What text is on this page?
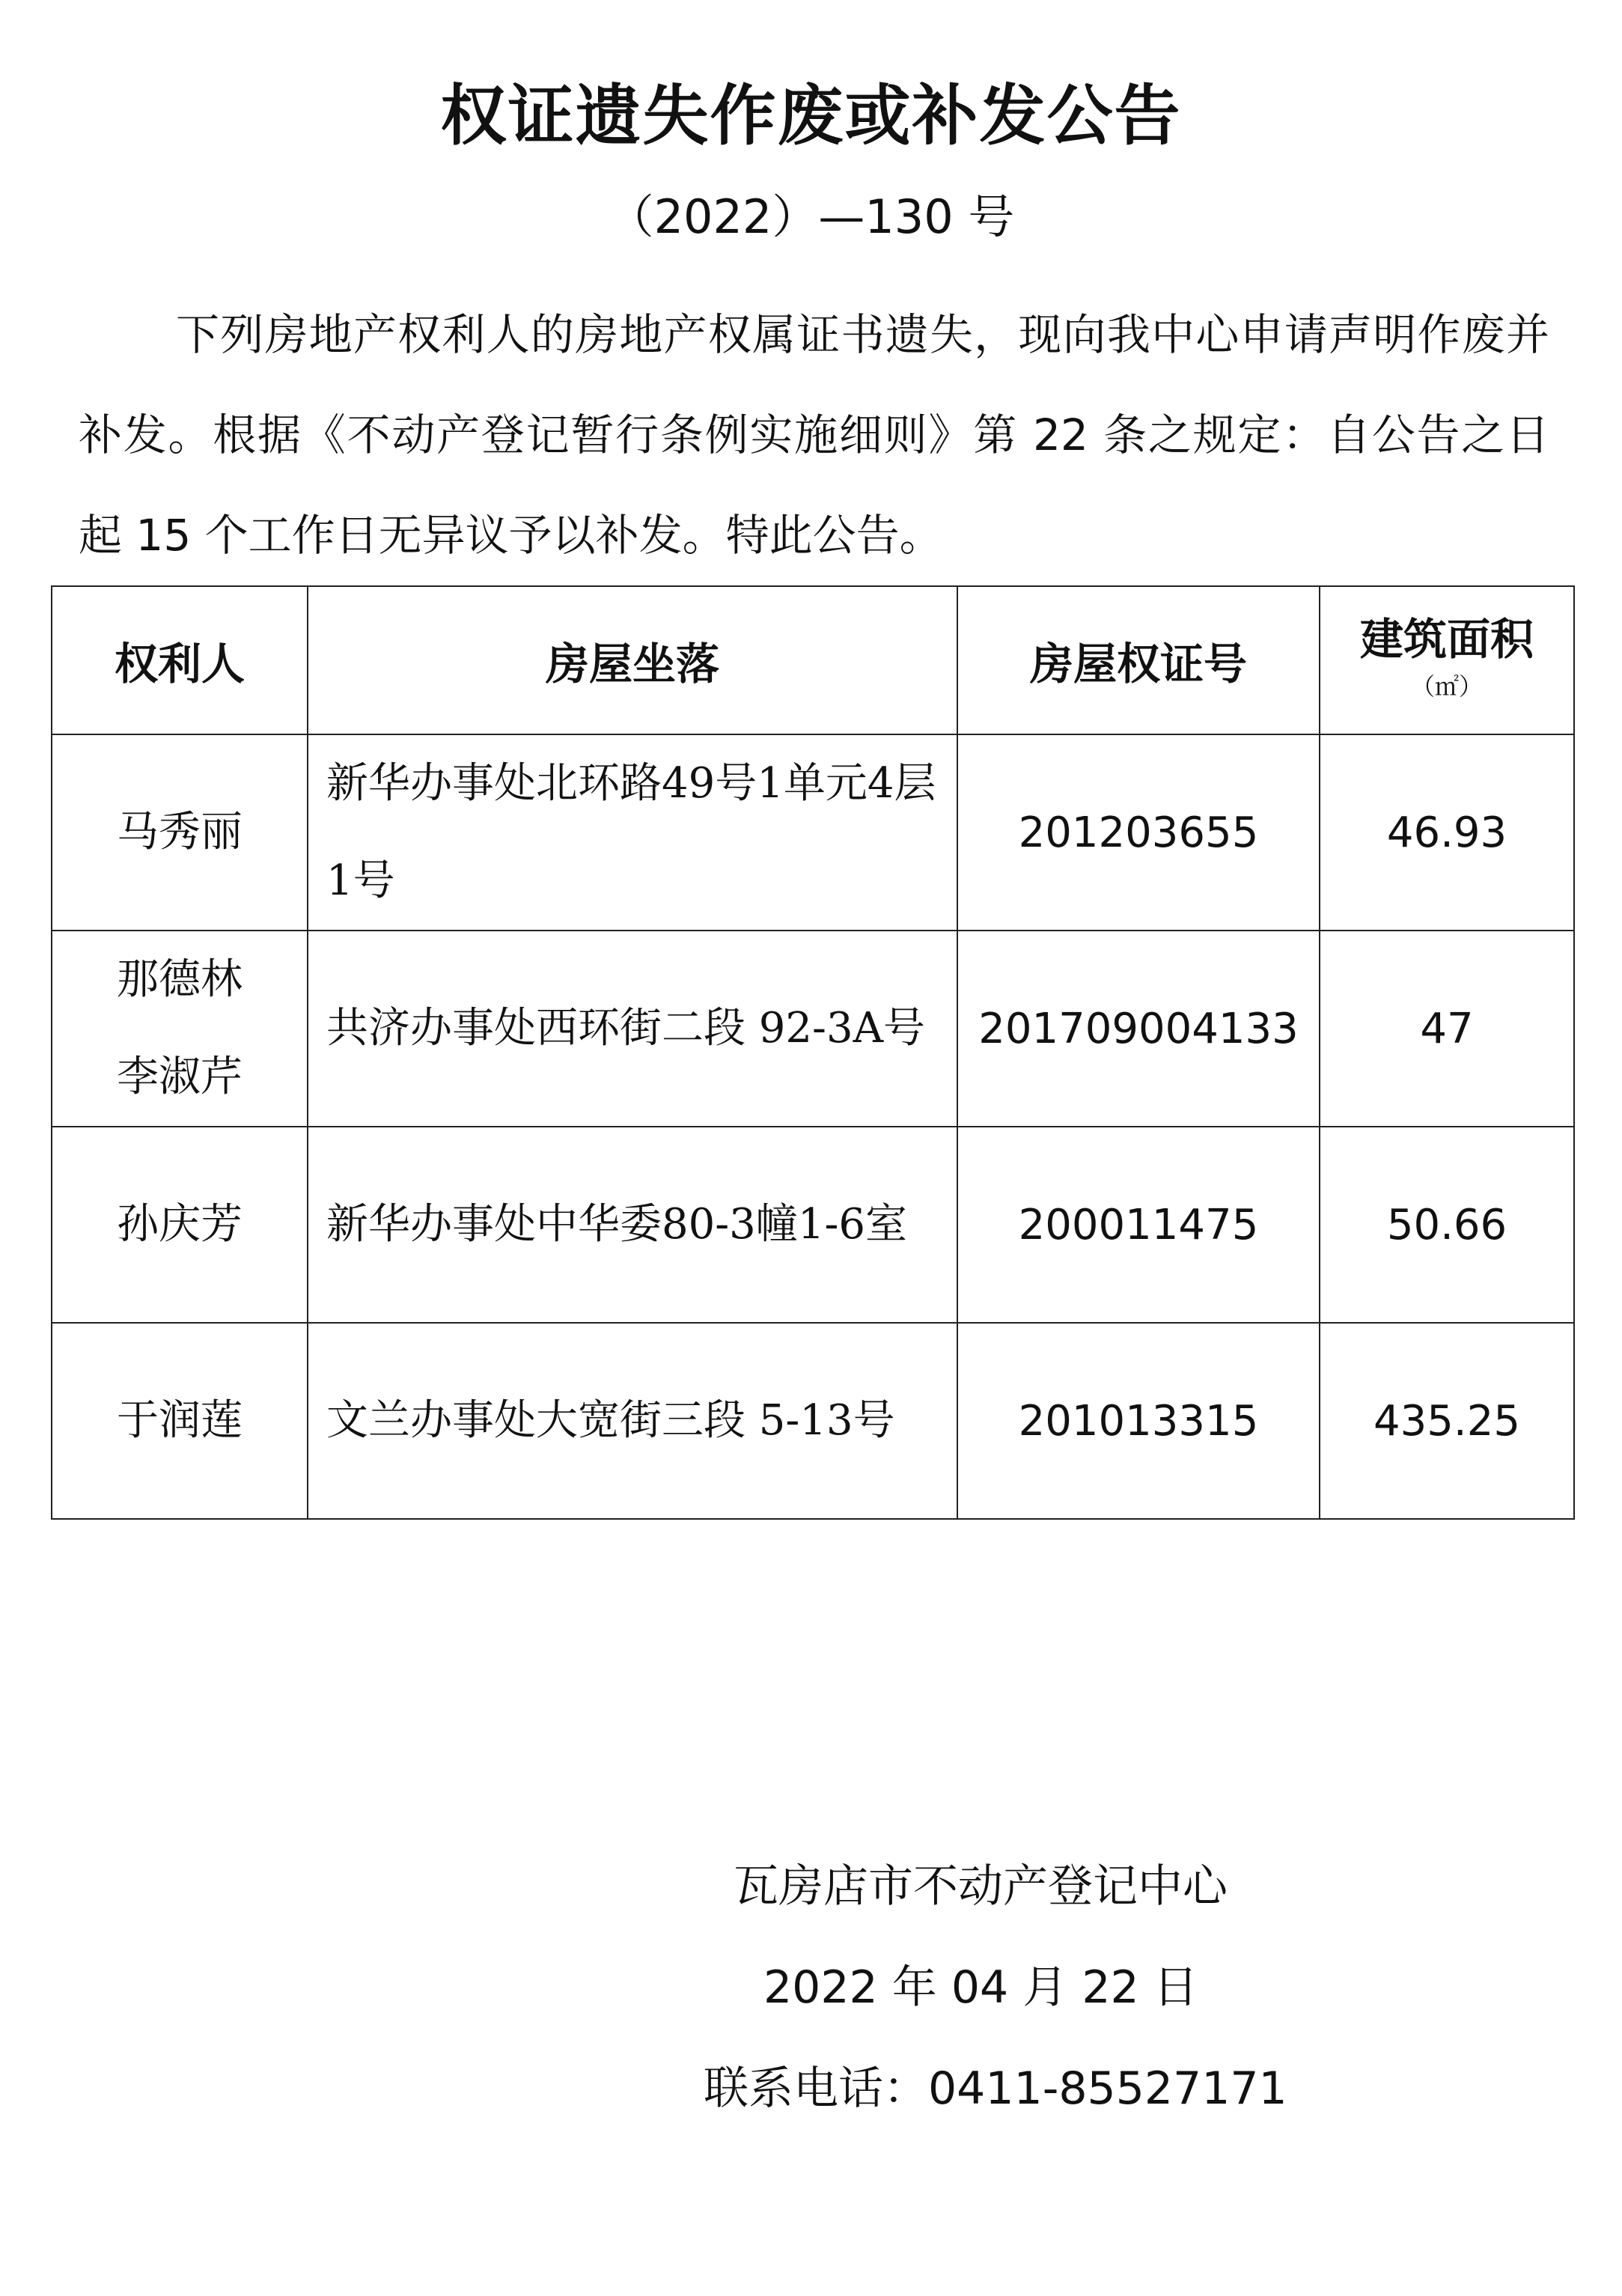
权证遗失作废或补发公告
（2022）—130 号

下列房地产权利人的房地产权属证书遗失，现向我中心申请声明作废并补发。根据《不动产登记暂行条例实施细则》第 22 条之规定：自公告之日起 15 个工作日无异议予以补发。特此公告。

权利人	房屋坐落	房屋权证号	建筑面积
（㎡）

马秀丽	新华办事处北环路49号1单元4层1号	201203655	46.93
那德林
李淑芹	共济办事处西环街二段 92-3A号	201709004133	47
孙庆芳	新华办事处中华委80-3幢1-6室	200011475	50.66
于润莲	文兰办事处大宽街三段 5-13号	201013315	435.25
瓦房店市不动产登记中心
2022 年 04 月 22 日
联系电话：0411-85527171
